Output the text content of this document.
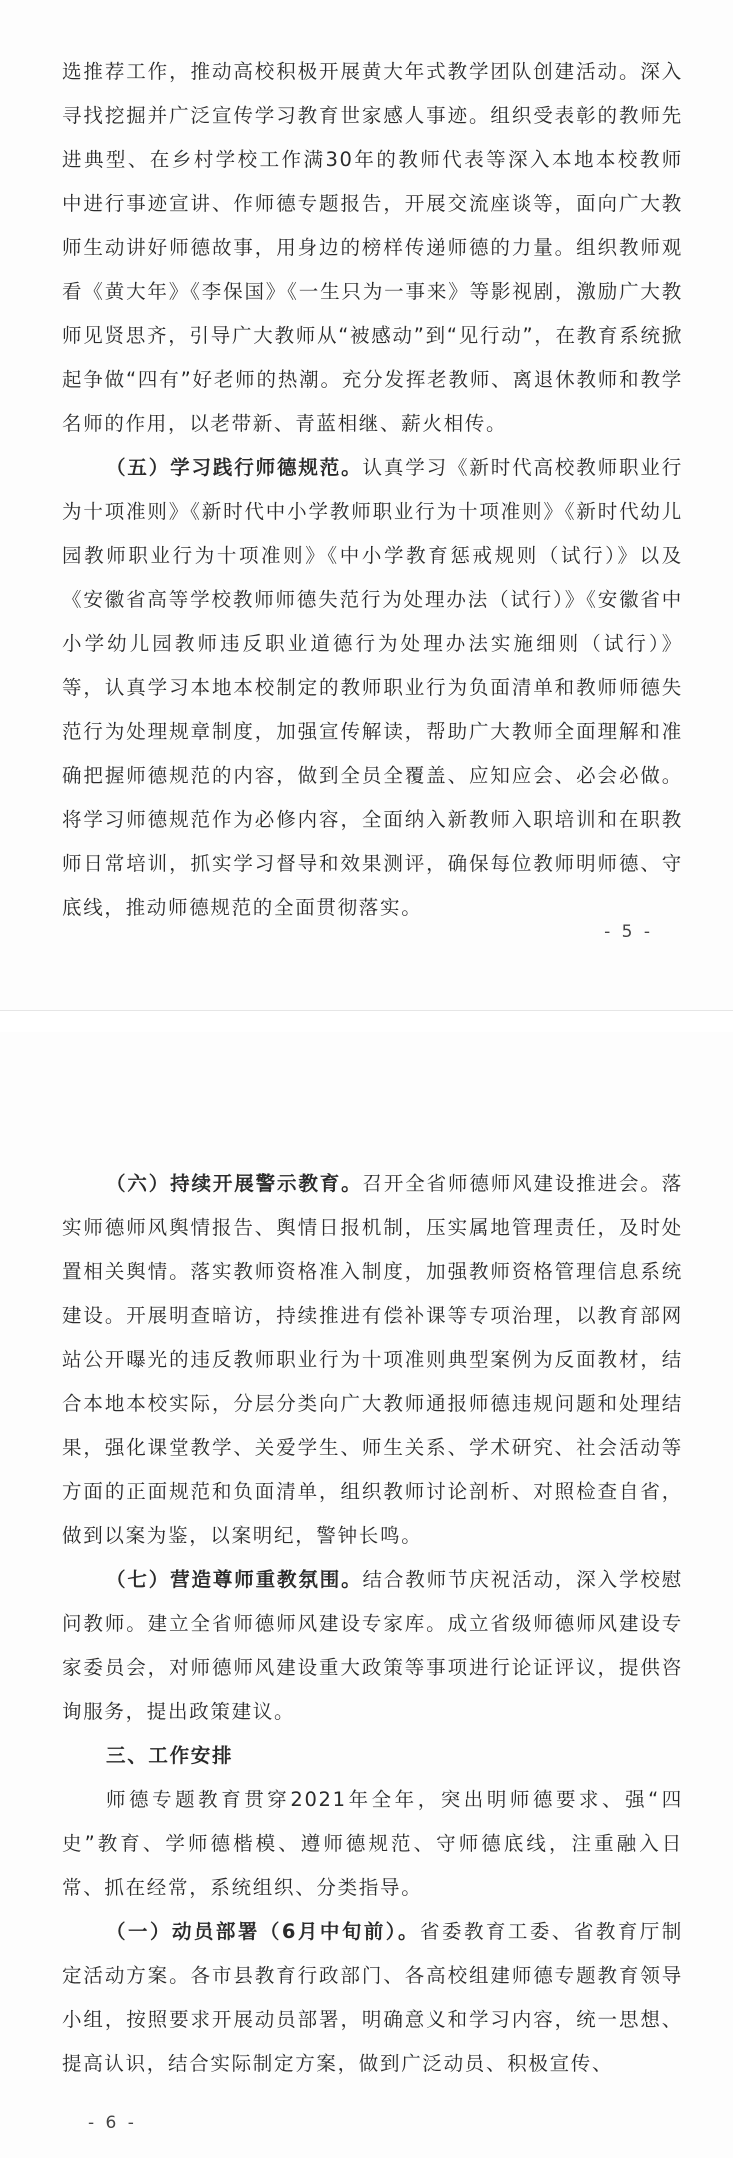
选推荐工作，推动高校积极开展黄大年式教学团队创建活动。深入寻找挖掘并广泛宣传学习教育世家感人事迹。组织受表彰的教师先进典型、在乡村学校工作满30年的教师代表等深入本地本校教师中进行事迹宣讲、作师德专题报告，开展交流座谈等，面向广大教师生动讲好师德故事，用身边的榜样传递师德的力量。组织教师观看《黄大年》《李保国》《一生只为一事来》等影视剧，激励广大教师见贤思齐，引导广大教师从“被感动”到“见行动”，在教育系统掀起争做“四有”好老师的热潮。充分发挥老教师、离退休教师和教学名师的作用，以老带新、青蓝相继、薪火相传。

（五）学习践行师德规范。认真学习《新时代高校教师职业行为十项准则》《新时代中小学教师职业行为十项准则》《新时代幼儿园教师职业行为十项准则》《中小学教育惩戒规则（试行）》以及《安徽省高等学校教师师德失范行为处理办法（试行）》《安徽省中小学幼儿园教师违反职业道德行为处理办法实施细则（试行）》等，认真学习本地本校制定的教师职业行为负面清单和教师师德失范行为处理规章制度，加强宣传解读，帮助广大教师全面理解和准确把握师德规范的内容，做到全员全覆盖、应知应会、必会必做。将学习师德规范作为必修内容，全面纳入新教师入职培训和在职教师日常培训，抓实学习督导和效果测评，确保每位教师明师德、守底线，推动师德规范的全面贯彻落实。

- 5 -

（六）持续开展警示教育。召开全省师德师风建设推进会。落实师德师风舆情报告、舆情日报机制，压实属地管理责任，及时处置相关舆情。落实教师资格准入制度，加强教师资格管理信息系统建设。开展明查暗访，持续推进有偿补课等专项治理，以教育部网站公开曝光的违反教师职业行为十项准则典型案例为反面教材，结合本地本校实际，分层分类向广大教师通报师德违规问题和处理结果，强化课堂教学、关爱学生、师生关系、学术研究、社会活动等方面的正面规范和负面清单，组织教师讨论剖析、对照检查自省，做到以案为鉴，以案明纪，警钟长鸣。

（七）营造尊师重教氛围。结合教师节庆祝活动，深入学校慰问教师。建立全省师德师风建设专家库。成立省级师德师风建设专家委员会，对师德师风建设重大政策等事项进行论证评议，提供咨询服务，提出政策建议。

三、工作安排

师德专题教育贯穿2021年全年，突出明师德要求、强“四史”教育、学师德楷模、遵师德规范、守师德底线，注重融入日常、抓在经常，系统组织、分类指导。

（一）动员部署（6月中旬前）。省委教育工委、省教育厅制定活动方案。各市县教育行政部门、各高校组建师德专题教育领导小组，按照要求开展动员部署，明确意义和学习内容，统一思想、提高认识，结合实际制定方案，做到广泛动员、积极宣传、

- 6 -
